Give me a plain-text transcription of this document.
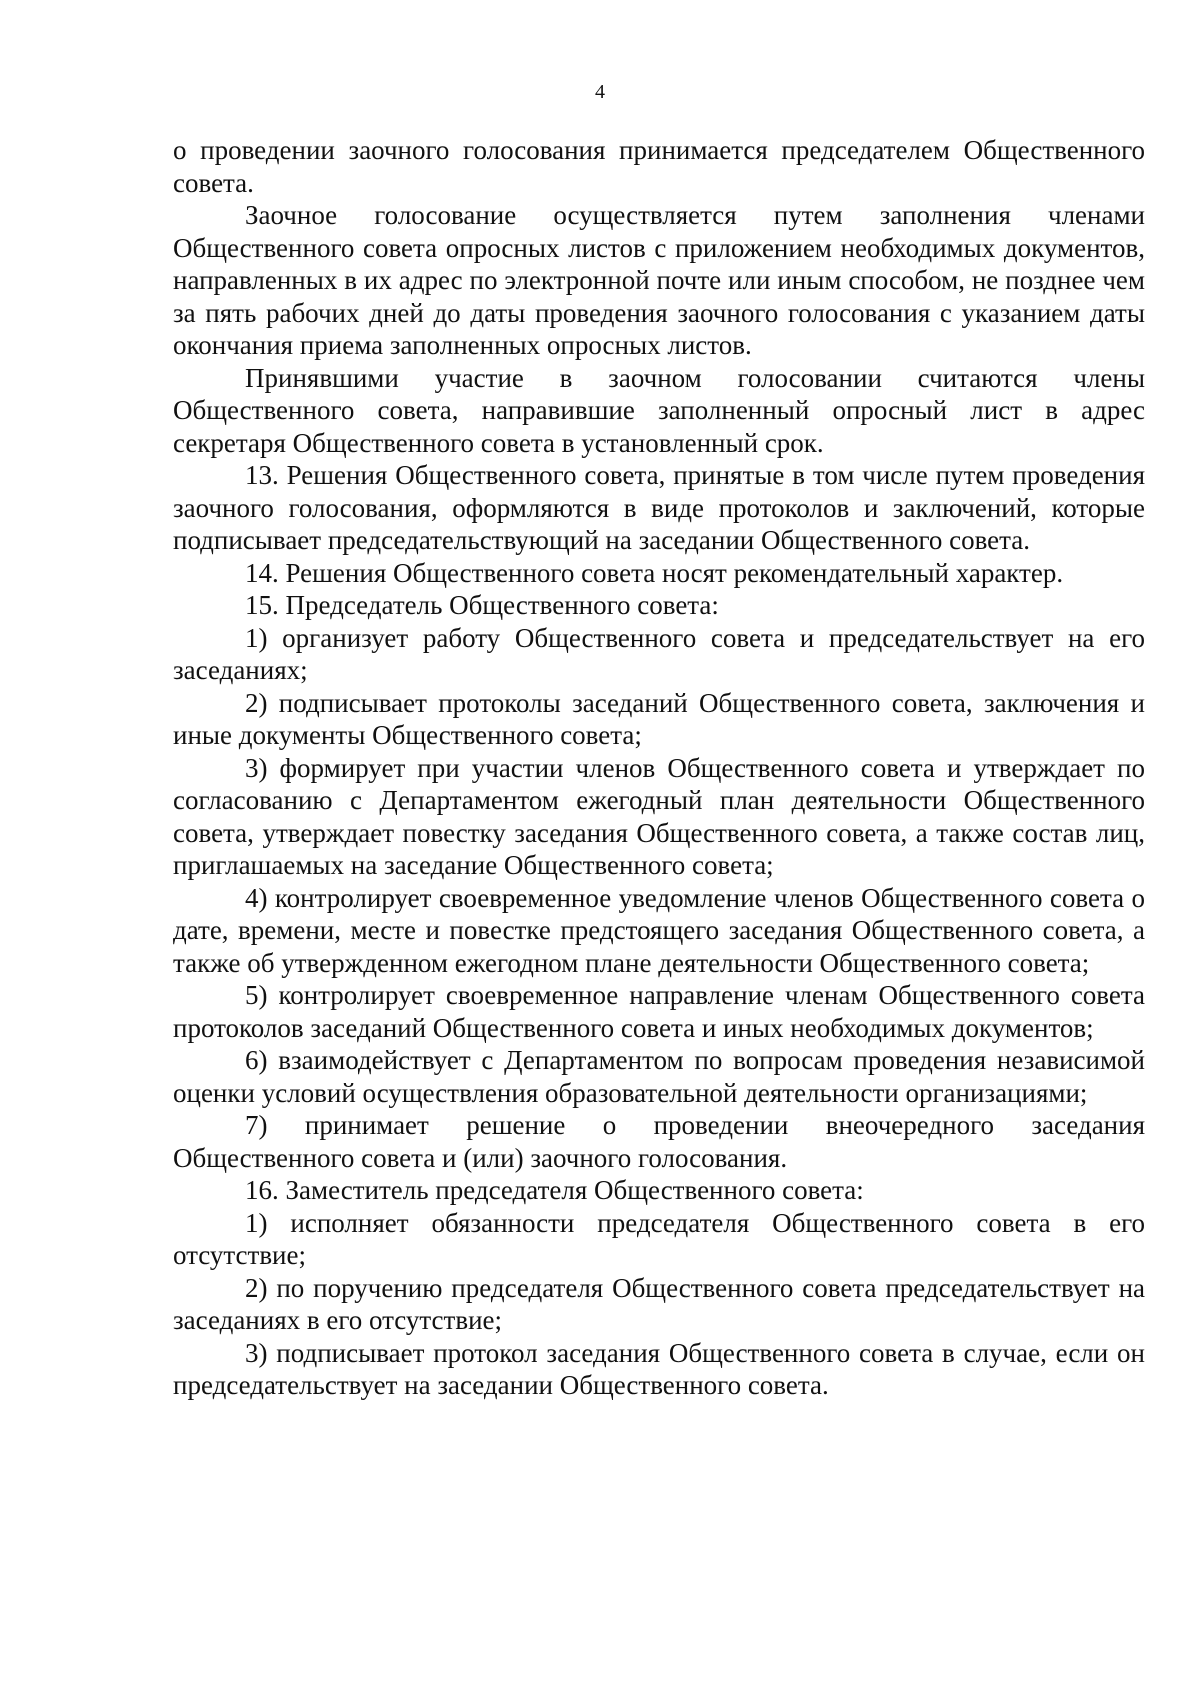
4

о проведении заочного голосования принимается председателем Общественного совета.

Заочное голосование осуществляется путем заполнения членами Общественного совета опросных листов с приложением необходимых документов, направленных в их адрес по электронной почте или иным способом, не позднее чем за пять рабочих дней до даты проведения заочного голосования с указанием даты окончания приема заполненных опросных листов.

Принявшими участие в заочном голосовании считаются члены Общественного совета, направившие заполненный опросный лист в адрес секретаря Общественного совета в установленный срок.

13. Решения Общественного совета, принятые в том числе путем проведения заочного голосования, оформляются в виде протоколов и заключений, которые подписывает председательствующий на заседании Общественного совета.

14. Решения Общественного совета носят рекомендательный характер.

15. Председатель Общественного совета:

1) организует работу Общественного совета и председательствует на его заседаниях;

2) подписывает протоколы заседаний Общественного совета, заключения и иные документы Общественного совета;

3) формирует при участии членов Общественного совета и утверждает по согласованию с Департаментом ежегодный план деятельности Общественного совета, утверждает повестку заседания Общественного совета, а также состав лиц, приглашаемых на заседание Общественного совета;

4) контролирует своевременное уведомление членов Общественного совета о дате, времени, месте и повестке предстоящего заседания Общественного совета, а также об утвержденном ежегодном плане деятельности Общественного совета;

5) контролирует своевременное направление членам Общественного совета протоколов заседаний Общественного совета и иных необходимых документов;

6) взаимодействует с Департаментом по вопросам проведения независимой оценки условий осуществления образовательной деятельности организациями;

7) принимает решение о проведении внеочередного заседания Общественного совета и (или) заочного голосования.

16. Заместитель председателя Общественного совета:

1) исполняет обязанности председателя Общественного совета в его отсутствие;

2) по поручению председателя Общественного совета председательствует на заседаниях в его отсутствие;

3) подписывает протокол заседания Общественного совета в случае, если он председательствует на заседании Общественного совета.
